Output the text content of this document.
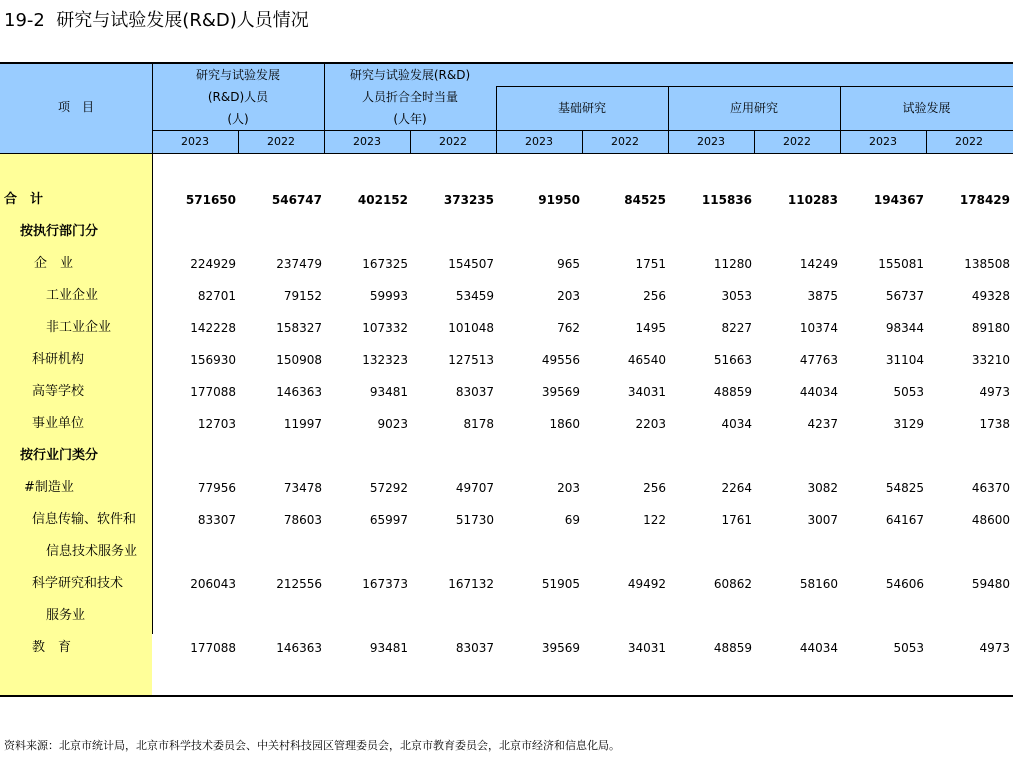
19-2  研究与试验发展(R&D)人员情况
项　目
研究与试验发展
(R&D)人员
(人)
研究与试验发展(R&D)
人员折合全时当量
(人年)
基础研究	应用研究	试验发展
2023	2022	2023	2022	2023	2022	2023	2022	2023	2022
合　计	571650	546747	402152	373235	91950	84525	115836	110283	194367	178429
按执行部门分
企　业	224929	237479	167325	154507	965	1751	11280	14249	155081	138508
工业企业	82701	79152	59993	53459	203	256	3053	3875	56737	49328
非工业企业	142228	158327	107332	101048	762	1495	8227	10374	98344	89180
科研机构	156930	150908	132323	127513	49556	46540	51663	47763	31104	33210
高等学校	177088	146363	93481	83037	39569	34031	48859	44034	5053	4973
事业单位	12703	11997	9023	8178	1860	2203	4034	4237	3129	1738
按行业门类分
#制造业	77956	73478	57292	49707	203	256	2264	3082	54825	46370
信息传输、软件和	83307	78603	65997	51730	69	122	1761	3007	64167	48600
信息技术服务业
科学研究和技术	206043	212556	167373	167132	51905	49492	60862	58160	54606	59480
服务业
教　育	177088	146363	93481	83037	39569	34031	48859	44034	5053	4973
资料来源：北京市统计局，北京市科学技术委员会、中关村科技园区管理委员会，北京市教育委员会，北京市经济和信息化局。
